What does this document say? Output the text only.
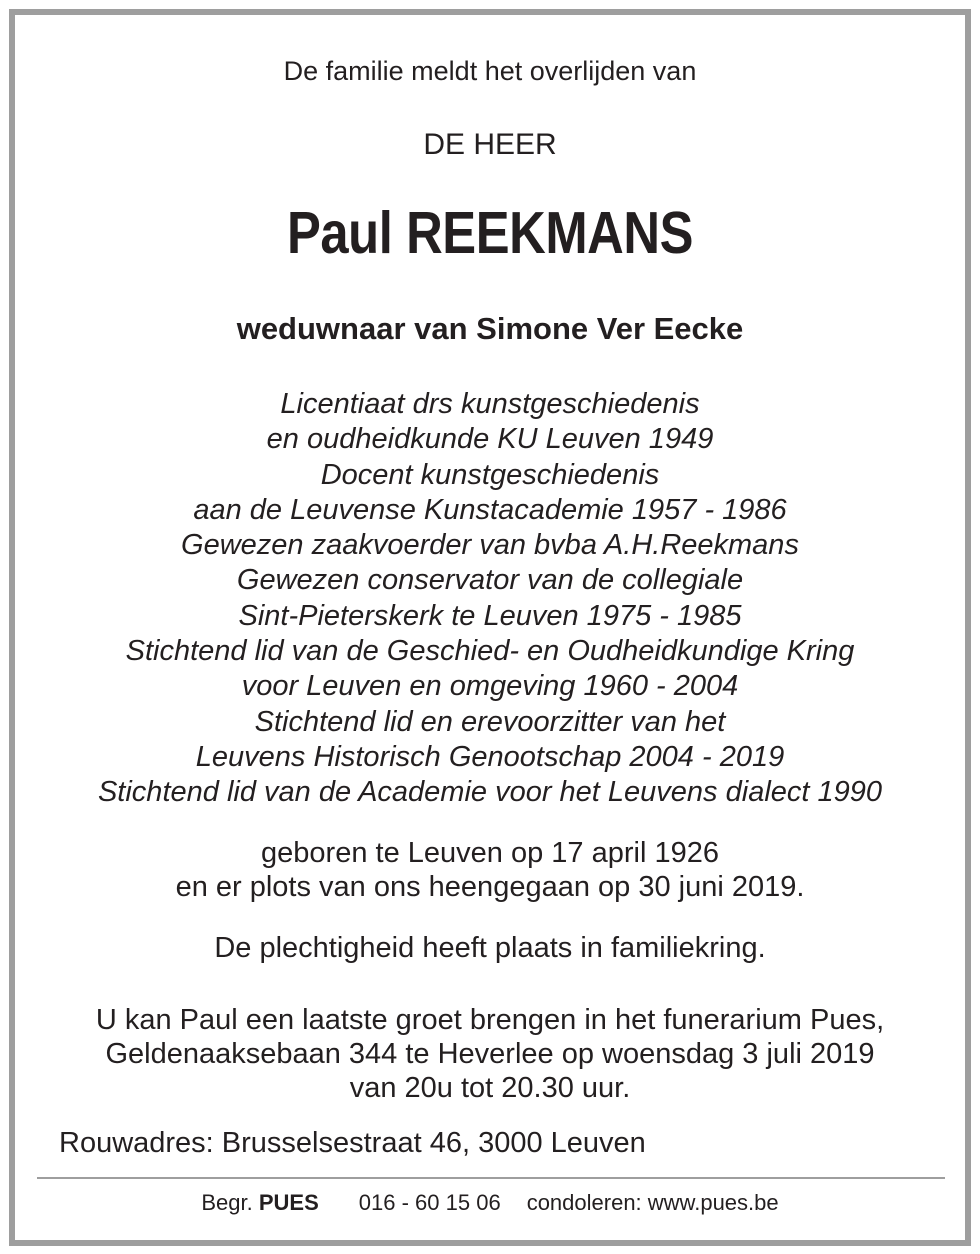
De familie meldt het overlijden van
DE HEER
Paul REEKMANS
weduwnaar van Simone Ver Eecke
Licentiaat drs kunstgeschiedenis
en oudheidkunde KU Leuven 1949
Docent kunstgeschiedenis
aan de Leuvense Kunstacademie 1957 - 1986
Gewezen zaakvoerder van bvba A.H.Reekmans
Gewezen conservator van de collegiale
Sint-Pieterskerk te Leuven 1975 - 1985
Stichtend lid van de Geschied- en Oudheidkundige Kring
voor Leuven en omgeving 1960 - 2004
Stichtend lid en erevoorzitter van het
Leuvens Historisch Genootschap 2004 - 2019
Stichtend lid van de Academie voor het Leuvens dialect 1990
geboren te Leuven op 17 april 1926
en er plots van ons heengegaan op 30 juni 2019.
De plechtigheid heeft plaats in familiekring.
U kan Paul een laatste groet brengen in het funerarium Pues,
Geldenaaksebaan 344 te Heverlee op woensdag 3 juli 2019
van 20u tot 20.30 uur.
Rouwadres: Brusselsestraat 46, 3000 Leuven
Begr. PUES 016 - 60 15 06 condoleren: www.pues.be
